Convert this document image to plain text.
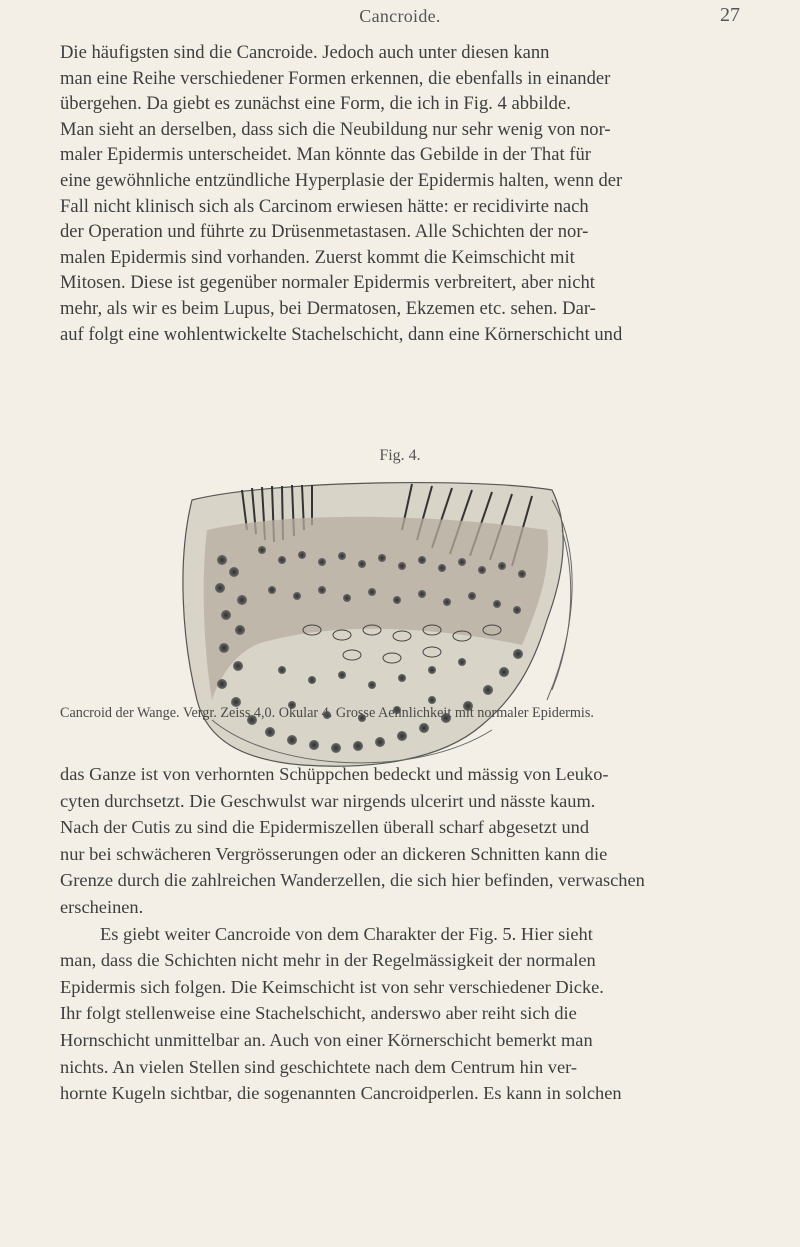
Cancroide.	27

Die häufigsten sind die Cancroide. Jedoch auch unter diesen kann

man eine Reihe verschiedener Formen erkennen, die ebenfalls in einander

übergehen. Da giebt es zunächst eine Form, die ich in Fig. 4 abbilde.

Man sieht an derselben, dass sich die Neubildung nur sehr wenig von nor-

maler Epidermis unterscheidet. Man könnte das Gebilde in der That für

eine gewöhnliche entzündliche Hyperplasie der Epidermis halten, wenn der

Fall nicht klinisch sich als Carcinom erwiesen hätte: er recidivirte nach

der Operation und führte zu Drüsenmetastasen. Alle Schichten der nor-

malen Epidermis sind vorhanden. Zuerst kommt die Keimschicht mit

Mitosen. Diese ist gegenüber normaler Epidermis verbreitert, aber nicht

mehr, als wir es beim Lupus, bei Dermatosen, Ekzemen etc. sehen. Dar-

auf folgt eine wohlentwickelte Stachelschicht, dann eine Körnerschicht und

Fig. 4.
Cancroid der Wange. Vergr. Zeiss 4,0. Okular 4. Grosse Aehnlichkeit mit normaler Epidermis.

das Ganze ist von verhornten Schüppchen bedeckt und mässig von Leuko-

cyten durchsetzt. Die Geschwulst war nirgends ulcerirt und nässte kaum.

Nach der Cutis zu sind die Epidermiszellen überall scharf abgesetzt und

nur bei schwächeren Vergrösserungen oder an dickeren Schnitten kann die

Grenze durch die zahlreichen Wanderzellen, die sich hier befinden, verwaschen

erscheinen.

Es giebt weiter Cancroide von dem Charakter der Fig. 5. Hier sieht

man, dass die Schichten nicht mehr in der Regelmässigkeit der normalen

Epidermis sich folgen. Die Keimschicht ist von sehr verschiedener Dicke.

Ihr folgt stellenweise eine Stachelschicht, anderswo aber reiht sich die

Hornschicht unmittelbar an. Auch von einer Körnerschicht bemerkt man

nichts. An vielen Stellen sind geschichtete nach dem Centrum hin ver-

hornte Kugeln sichtbar, die sogenannten Cancroidperlen. Es kann in solchen
